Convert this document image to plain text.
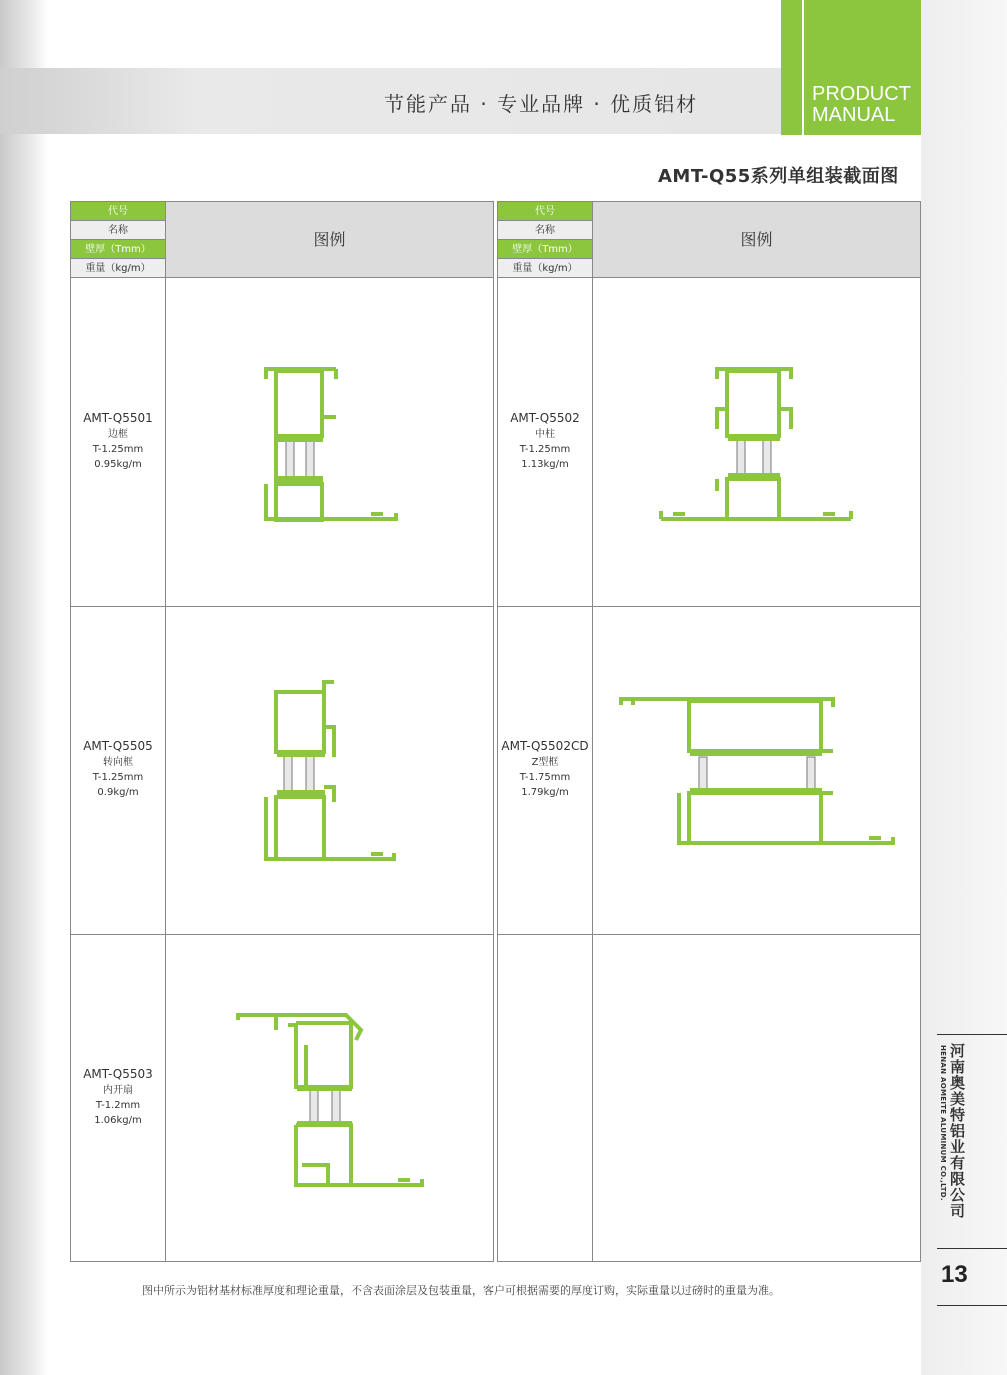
节能产品 · 专业品牌 · 优质铝材	PRODUCT
MANUAL
AMT-Q55系列单组装截面图
代号
名称
壁厚（Tmm）
重量（kg/m）
图例
AMT-Q5501
边框
T-1.25mm
0.95kg/m
AMT-Q5505
转向框
T-1.25mm
0.9kg/m
AMT-Q5503
内开扇
T-1.2mm
1.06kg/m
代号
名称
壁厚（Tmm）
重量（kg/m）
图例
AMT-Q5502
中柱
T-1.25mm
1.13kg/m
AMT-Q5502CD
Z型框
T-1.75mm
1.79kg/m
图中所示为铝材基材标准厚度和理论重量，不含表面涂层及包装重量，客户可根据需要的厚度订购，实际重量以过磅时的重量为准。
河南奥美特铝业有限公司
HENAN AOMEITE ALUMINUM CO.,LTD.
13
